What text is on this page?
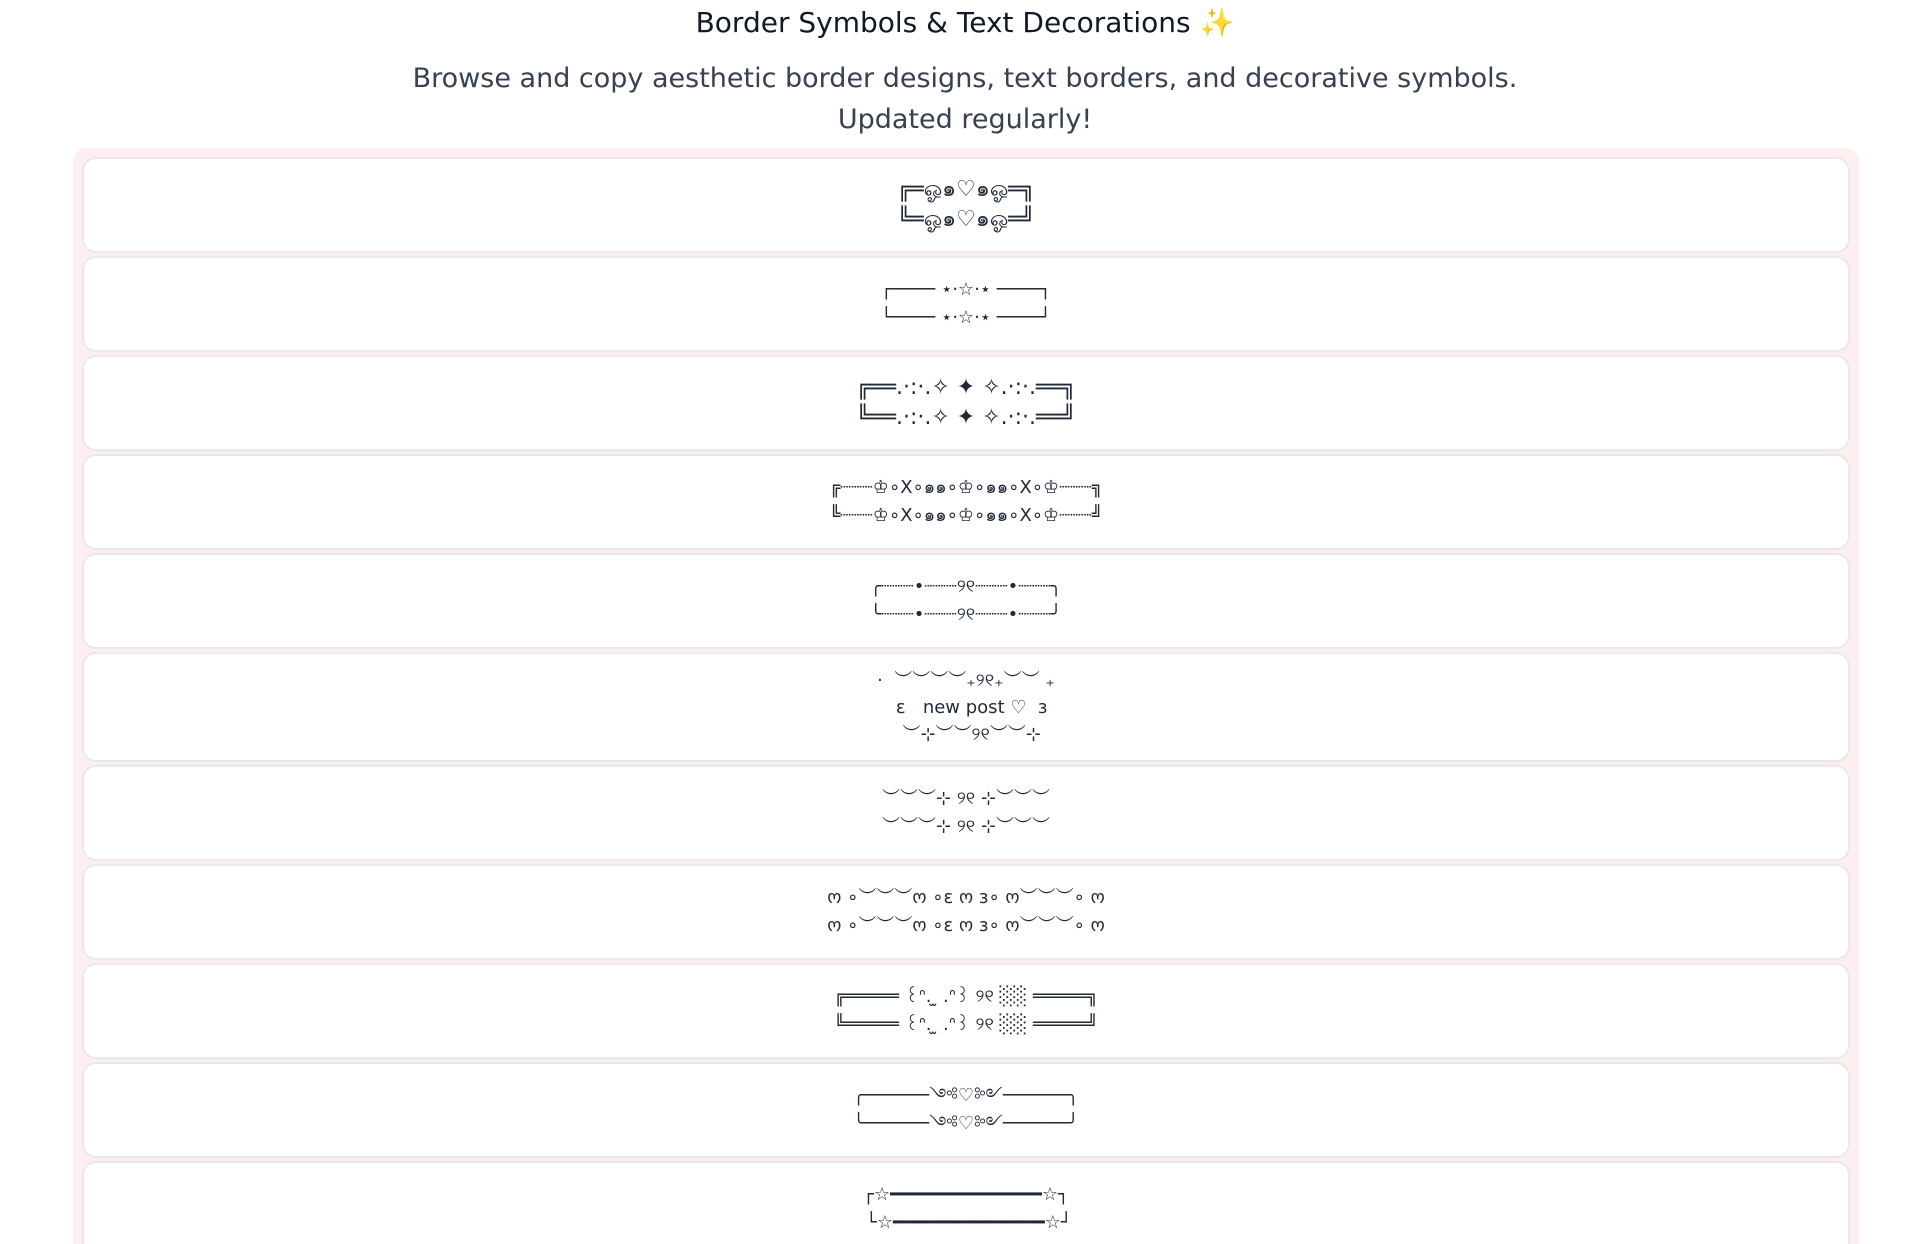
Border Symbols & Text Decorations ✨

Browse and copy aesthetic border designs, text borders, and decorative symbols. Updated regularly!

╔═ஓ๑♡๑ஓ═╗
╚═ஓ๑♡๑ஓ═╝
┌──── ⋆⋅☆⋅⋆ ────┐
└──── ⋆⋅☆⋅⋆ ────┘
╔══.·:·.✧ ✦ ✧.·:·.══╗
╚══.·:·.✧ ✦ ✧.·:·.══╝
╔┈┈┈♔∘X∘๑๑∘♔∘๑๑∘X∘♔┈┈┈╗
╚┈┈┈♔∘X∘๑๑∘♔∘๑๑∘X∘♔┈┈┈╝
╭┈┈┈•┈┈┈୨୧┈┈┈•┈┈┈╮
╰┈┈┈•┈┈┈୨୧┈┈┈•┈┈┈╯
·  ︶︶︶︶₊୨୧₊︶︶ ₊
ɛ   new post ♡  ɜ
︶⊹︶︶୨୧︶︶⊹
︶︶︶⊹ ୨୧ ⊹︶︶︶
︶︶︶⊹ ୨୧ ⊹︶︶︶
ო ∘︶︶︶ო ∘ɛ ო ɜ∘ ო︶︶︶∘ ო
ო ∘︶︶︶ო ∘ɛ ო ɜ∘ ო︶︶︶∘ ო
╔═════ ꒰ᐢ. ̫ .ᐢ꒱ ୨୧ ░░ ═════╗
╚═════ ꒰ᐢ. ̫ .ᐢ꒱ ୨୧ ░░ ═════╝
╭──────༺♡༻──────╮
╰──────༺♡༻──────╯
┌☆━━━━━━━━━━━━━━☆┐
└☆━━━━━━━━━━━━━━☆┘
